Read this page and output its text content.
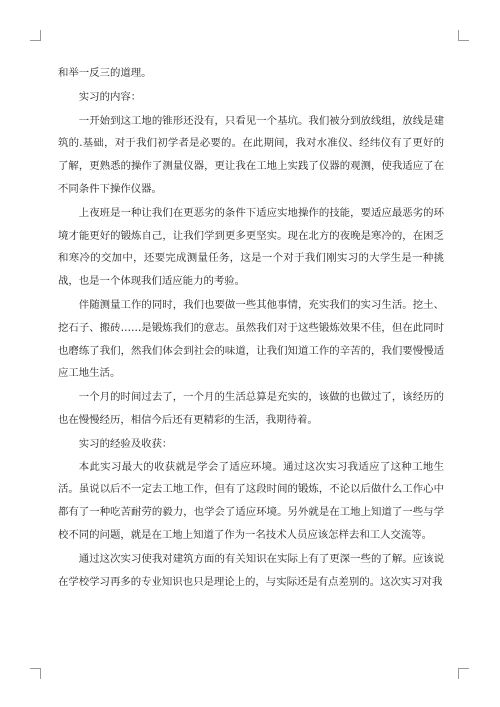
和举一反三的道理。

实习的内容：

一开始到这工地的锥形还没有，只看见一个基坑。我们被分到放线组，放线是建筑的.基础，对于我们初学者是必要的。在此期间，我对水准仪、经纬仪有了更好的了解，更熟悉的操作了测量仪器，更让我在工地上实践了仪器的观测，使我适应了在不同条件下操作仪器。

上夜班是一种让我们在更恶劣的条件下适应实地操作的技能，要适应最恶劣的环境才能更好的锻炼自己，让我们学到更多更坚实。现在北方的夜晚是寒冷的，在困乏和寒冷的交加中，还要完成测量任务，这是一个对于我们刚实习的大学生是一种挑战，也是一个体现我们适应能力的考验。

伴随测量工作的同时，我们也要做一些其他事情，充实我们的实习生活。挖土、挖石子、搬砖……是锻炼我们的意志。虽然我们对于这些锻炼效果不佳，但在此同时也磨练了我们，然我们体会到社会的味道，让我们知道工作的辛苦的，我们要慢慢适应工地生活。

一个月的时间过去了，一个月的生活总算是充实的，该做的也做过了，该经历的也在慢慢经历，相信今后还有更精彩的生活，我期待着。

实习的经验及收获：

本此实习最大的收获就是学会了适应环境。通过这次实习我适应了这种工地生活。虽说以后不一定去工地工作，但有了这段时间的锻炼，不论以后做什么工作心中都有了一种吃苦耐劳的毅力，也学会了适应环境。另外就是在工地上知道了一些与学校不同的问题，就是在工地上知道了作为一名技术人员应该怎样去和工人交流等。

通过这次实习使我对建筑方面的有关知识在实际上有了更深一些的了解。应该说在学校学习再多的专业知识也只是理论上的，与实际还是有点差别的。这次实习对我
